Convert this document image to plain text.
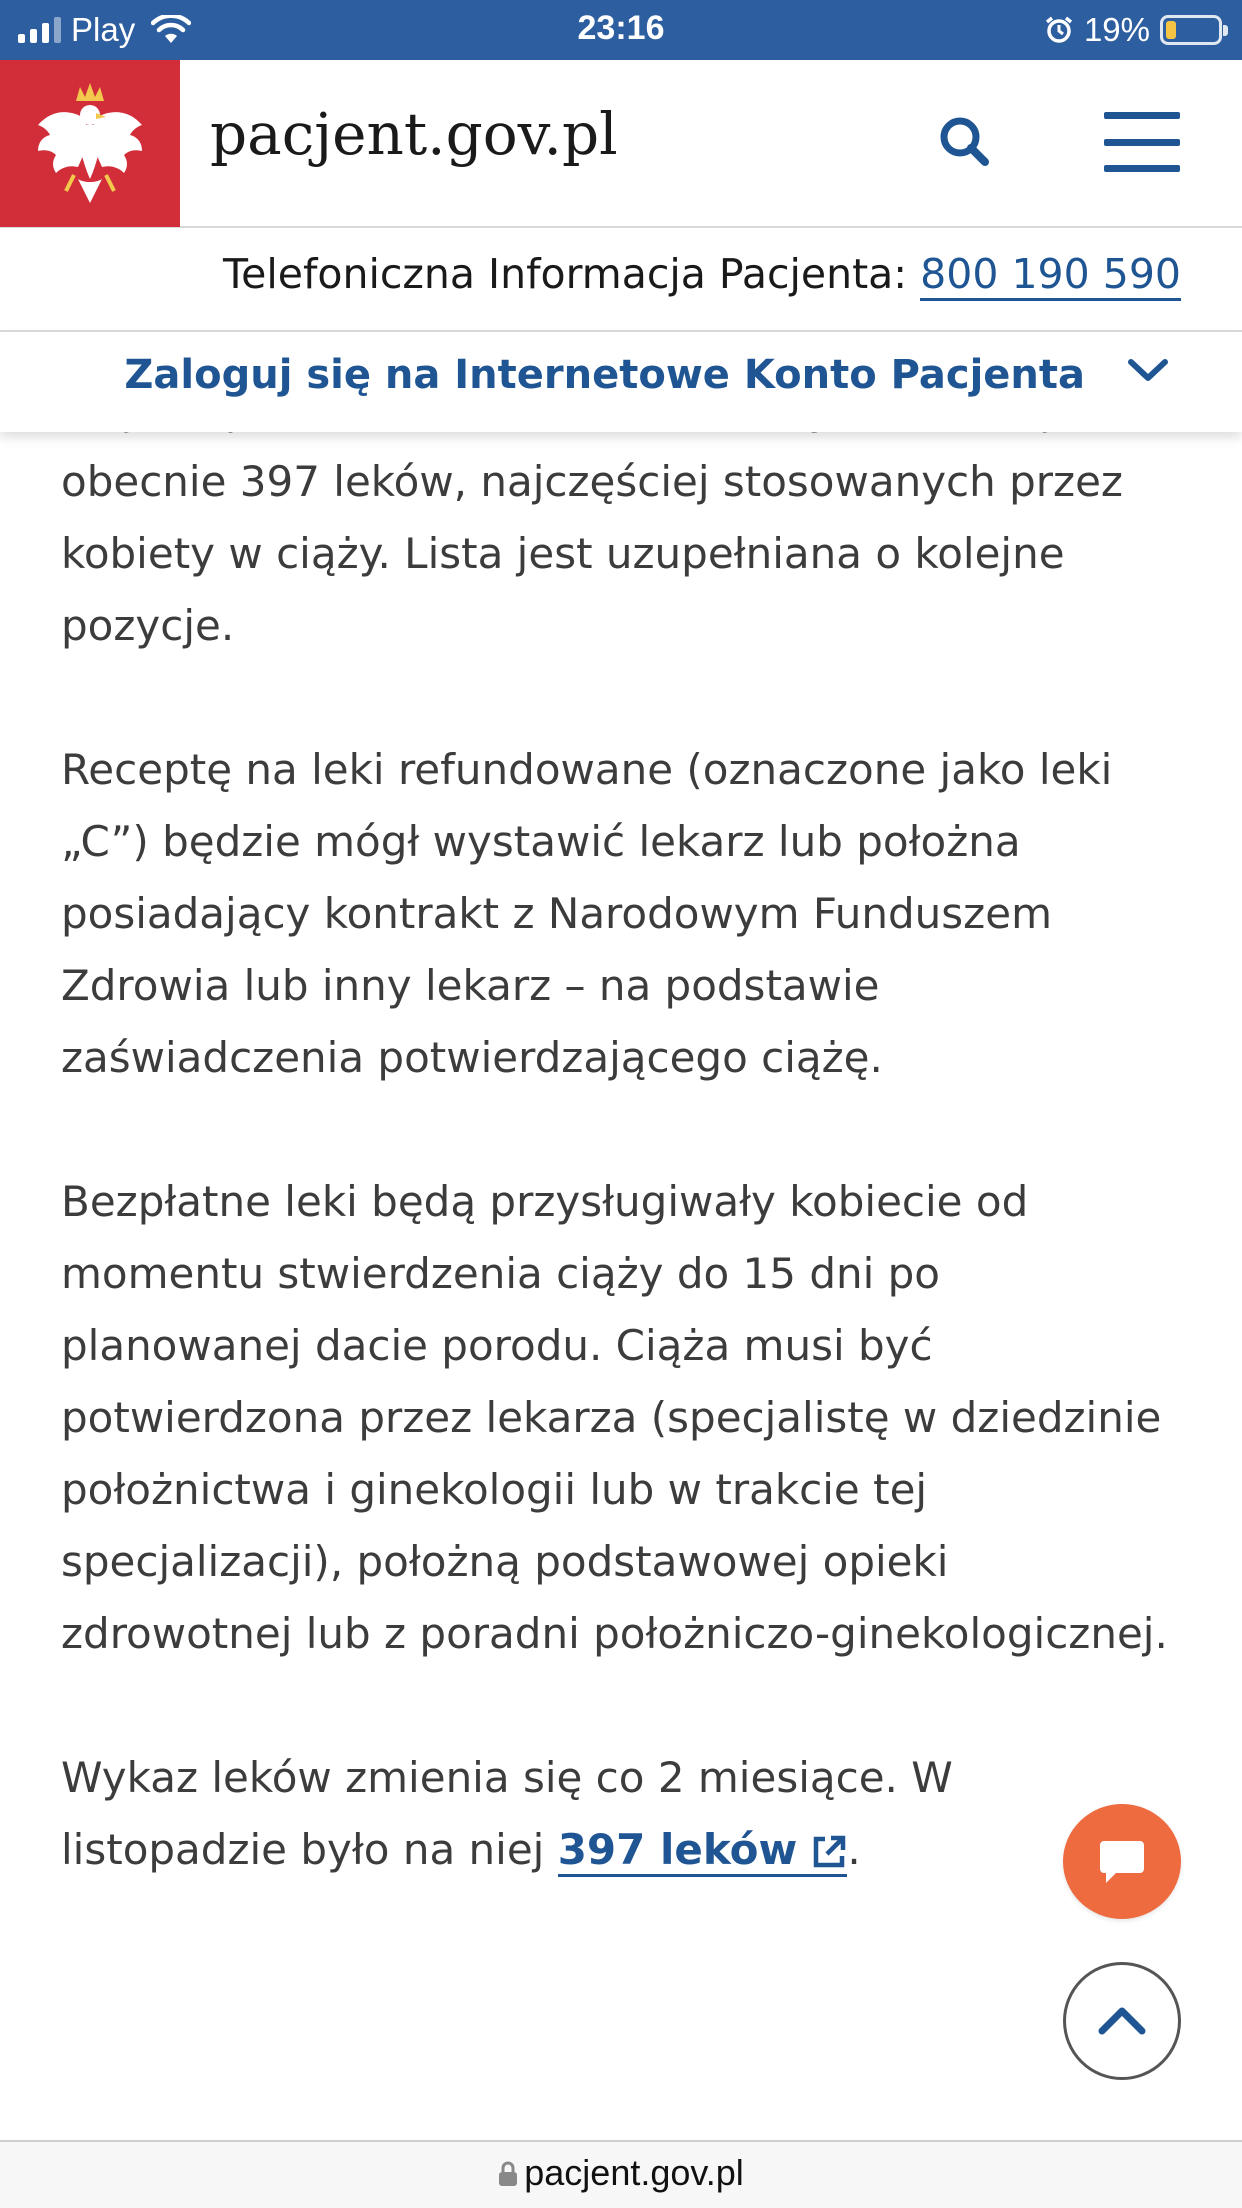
Play	23:16	19%
pacjent.gov.pl
Telefoniczna Informacja Pacjenta: 800 190 590
Zaloguj się na Internetowe Konto Pacjenta

obecnie 397 leków, najczęściej stosowanych przez kobiety w ciąży. Lista jest uzupełniana o kolejne pozycje.

Receptę na leki refundowane (oznaczone jako leki „C”) będzie mógł wystawić lekarz lub położna posiadający kontrakt z Narodowym Funduszem Zdrowia lub inny lekarz – na podstawie zaświadczenia potwierdzającego ciążę.

Bezpłatne leki będą przysługiwały kobiecie od momentu stwierdzenia ciąży do 15 dni po planowanej dacie porodu. Ciąża musi być potwierdzona przez lekarza (specjalistę w dziedzinie położnictwa i ginekologii lub w trakcie tej specjalizacji), położną podstawowej opieki zdrowotnej lub z poradni położniczo-ginekologicznej.

Wykaz leków zmienia się co 2 miesiące. W listopadzie było na niej 397 leków .

pacjent.gov.pl
